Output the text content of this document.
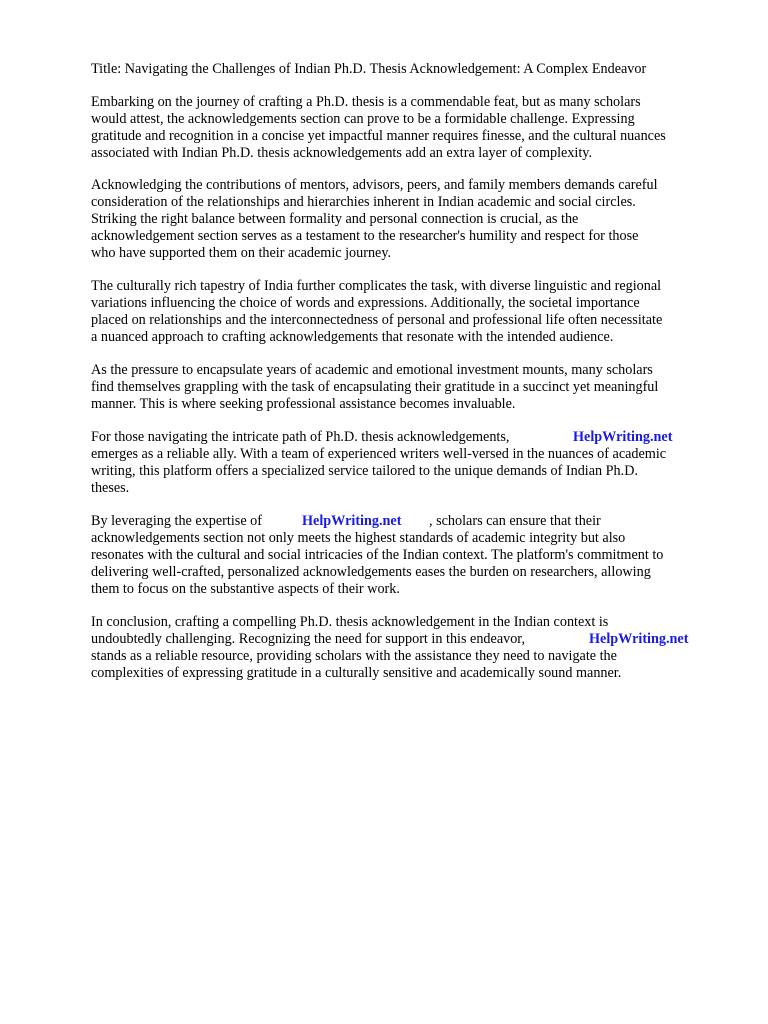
Title: Navigating the Challenges of Indian Ph.D. Thesis Acknowledgement: A Complex Endeavor

Embarking on the journey of crafting a Ph.D. thesis is a commendable feat, but as many scholars
would attest, the acknowledgements section can prove to be a formidable challenge. Expressing
gratitude and recognition in a concise yet impactful manner requires finesse, and the cultural nuances
associated with Indian Ph.D. thesis acknowledgements add an extra layer of complexity.

Acknowledging the contributions of mentors, advisors, peers, and family members demands careful
consideration of the relationships and hierarchies inherent in Indian academic and social circles.
Striking the right balance between formality and personal connection is crucial, as the
acknowledgement section serves as a testament to the researcher's humility and respect for those
who have supported them on their academic journey.

The culturally rich tapestry of India further complicates the task, with diverse linguistic and regional
variations influencing the choice of words and expressions. Additionally, the societal importance
placed on relationships and the interconnectedness of personal and professional life often necessitate
a nuanced approach to crafting acknowledgements that resonate with the intended audience.

As the pressure to encapsulate years of academic and emotional investment mounts, many scholars
find themselves grappling with the task of encapsulating their gratitude in a succinct yet meaningful
manner. This is where seeking professional assistance becomes invaluable.

For those navigating the intricate path of Ph.D. thesis acknowledgements,	HelpWriting.net
emerges as a reliable ally. With a team of experienced writers well-versed in the nuances of academic
writing, this platform offers a specialized service tailored to the unique demands of Indian Ph.D.
theses.

By leveraging the expertise of	HelpWriting.net , scholars can ensure that their
acknowledgements section not only meets the highest standards of academic integrity but also
resonates with the cultural and social intricacies of the Indian context. The platform's commitment to
delivering well-crafted, personalized acknowledgements eases the burden on researchers, allowing
them to focus on the substantive aspects of their work.

In conclusion, crafting a compelling Ph.D. thesis acknowledgement in the Indian context is
undoubtedly challenging. Recognizing the need for support in this endeavor,	HelpWriting.net
stands as a reliable resource, providing scholars with the assistance they need to navigate the
complexities of expressing gratitude in a culturally sensitive and academically sound manner.
